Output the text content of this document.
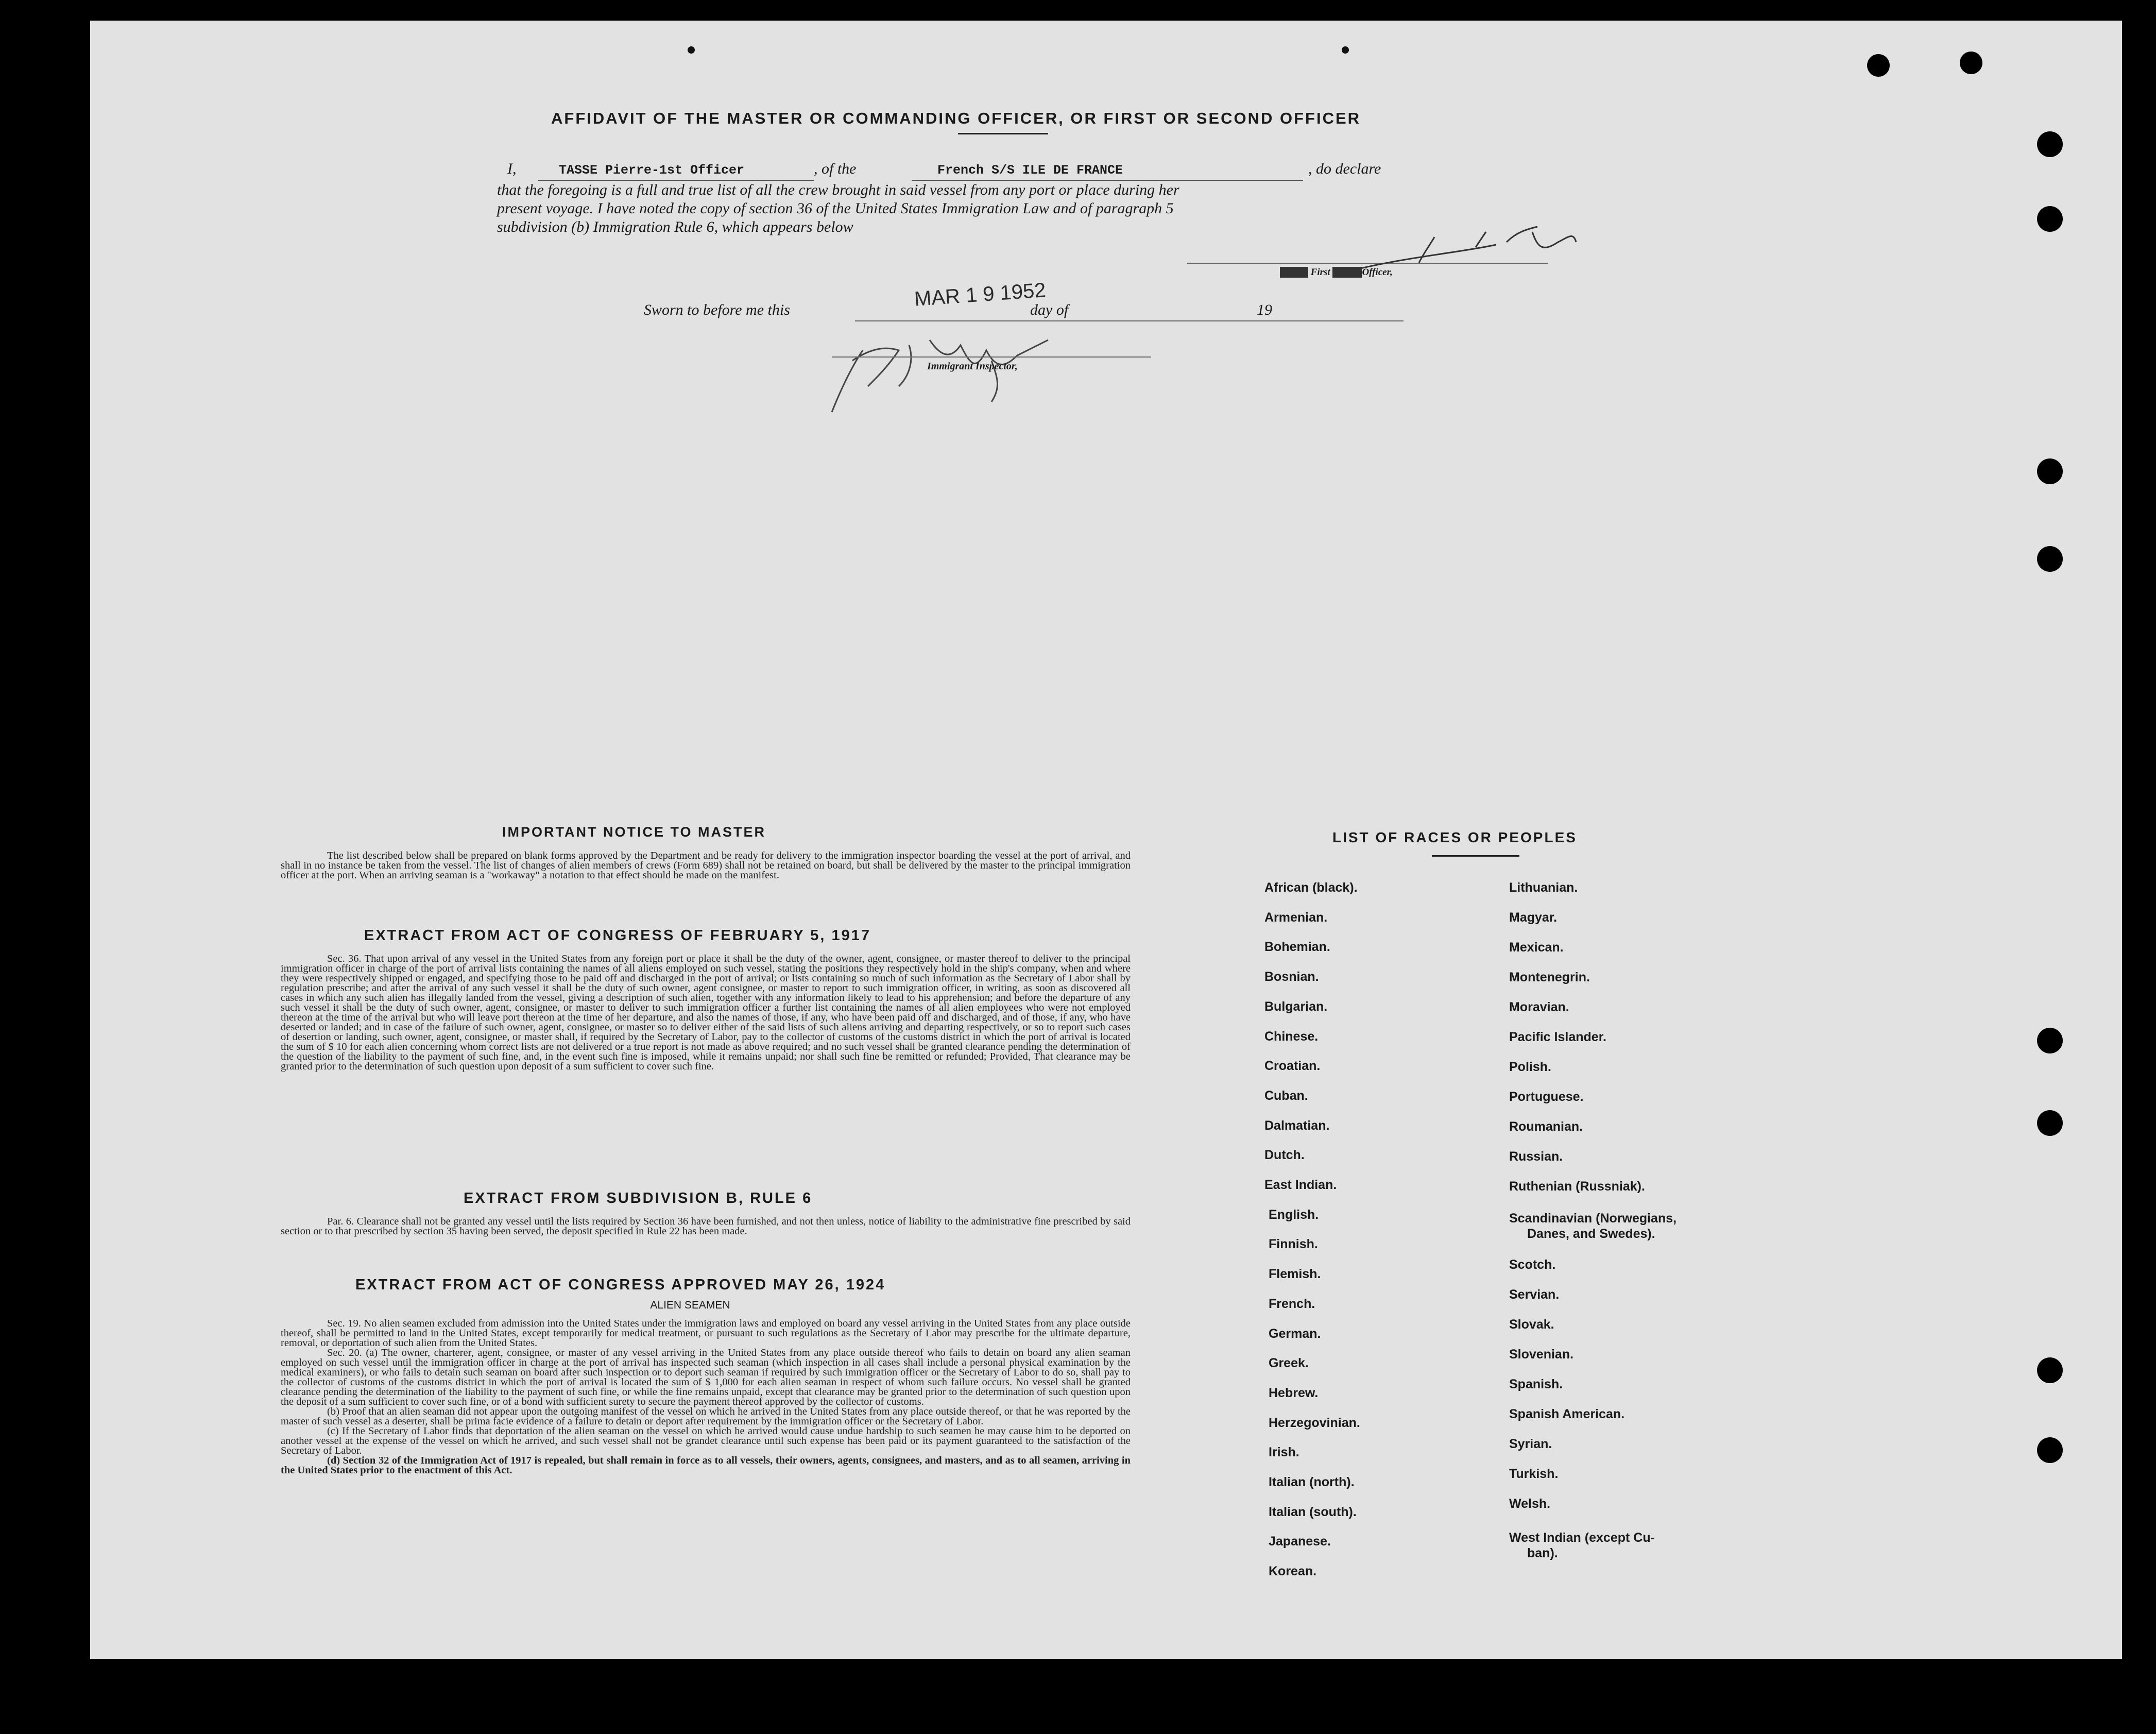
AFFIDAVIT OF THE MASTER OR COMMANDING OFFICER, OR FIRST OR SECOND OFFICER
I,	TASSE Pierre-1st Officer	, of the	French S/S ILE DE FRANCE	, do declare
that the foregoing is a full and true list of all the crew brought in said vessel from any port or place during her
present voyage. I have noted the copy of section 36 of the United States Immigration Law and of paragraph 5
subdivision (b) Immigration Rule 6, which appears below
Master First SecondOfficer,
Sworn to before me this	MAR 1 9 1952
day of	19
Immigrant Inspector,
IMPORTANT NOTICE TO MASTER

The list described below shall be prepared on blank forms approved by the Department and be ready for delivery to the immigration inspector boarding the vessel at the port of arrival, and shall in no instance be taken from the vessel. The list of changes of alien members of crews (Form 689) shall not be retained on board, but shall be delivered by the master to the principal immigration officer at the port. When an arriving seaman is a "workaway" a notation to that effect should be made on the manifest.

EXTRACT FROM ACT OF CONGRESS OF FEBRUARY 5, 1917

Sec. 36. That upon arrival of any vessel in the United States from any foreign port or place it shall be the duty of the owner, agent, consignee, or master thereof to deliver to the principal immigration officer in charge of the port of arrival lists containing the names of all aliens employed on such vessel, stating the positions they respectively hold in the ship's company, when and where they were respectively shipped or engaged, and specifying those to be paid off and discharged in the port of arrival; or lists containing so much of such information as the Secretary of Labor shall by regulation prescribe; and after the arrival of any such vessel it shall be the duty of such owner, agent consignee, or master to report to such immigration officer, in writing, as soon as discovered all cases in which any such alien has illegally landed from the vessel, giving a description of such alien, together with any information likely to lead to his apprehension; and before the departure of any such vessel it shall be the duty of such owner, agent, consignee, or master to deliver to such immigration officer a further list containing the names of all alien employees who were not employed thereon at the time of the arrival but who will leave port thereon at the time of her departure, and also the names of those, if any, who have been paid off and discharged, and of those, if any, who have deserted or landed; and in case of the failure of such owner, agent, consignee, or master so to deliver either of the said lists of such aliens arriving and departing respectively, or so to report such cases of desertion or landing, such owner, agent, consignee, or master shall, if required by the Secretary of Labor, pay to the collector of customs of the customs district in which the port of arrival is located the sum of $ 10 for each alien concerning whom correct lists are not delivered or a true report is not made as above required; and no such vessel shall be granted clearance pending the determination of the question of the liability to the payment of such fine, and, in the event such fine is imposed, while it remains unpaid; nor shall such fine be remitted or refunded; Provided, That clearance may be granted prior to the determination of such question upon deposit of a sum sufficient to cover such fine.

EXTRACT FROM SUBDIVISION B, RULE 6

Par. 6. Clearance shall not be granted any vessel until the lists required by Section 36 have been furnished, and not then unless, notice of liability to the administrative fine prescribed by said section or to that prescribed by section 35 having been served, the deposit specified in Rule 22 has been made.

EXTRACT FROM ACT OF CONGRESS APPROVED MAY 26, 1924
ALIEN SEAMEN

Sec. 19. No alien seamen excluded from admission into the United States under the immigration laws and employed on board any vessel arriving in the United States from any place outside thereof, shall be permitted to land in the United States, except temporarily for medical treatment, or pursuant to such regulations as the Secretary of Labor may prescribe for the ultimate departure, removal, or deportation of such alien from the United States.

Sec. 20. (a) The owner, charterer, agent, consignee, or master of any vessel arriving in the United States from any place outside thereof who fails to detain on board any alien seaman employed on such vessel until the immigration officer in charge at the port of arrival has inspected such seaman (which inspection in all cases shall include a personal physical examination by the medical examiners), or who fails to detain such seaman on board after such inspection or to deport such seaman if required by such immigration officer or the Secretary of Labor to do so, shall pay to the collector of customs of the customs district in which the port of arrival is located the sum of $ 1,000 for each alien seaman in respect of whom such failure occurs. No vessel shall be granted clearance pending the determination of the liability to the payment of such fine, or while the fine remains unpaid, except that clearance may be granted prior to the determination of such question upon the deposit of a sum sufficient to cover such fine, or of a bond with sufficient surety to secure the payment thereof approved by the collector of customs.

(b) Proof that an alien seaman did not appear upon the outgoing manifest of the vessel on which he arrived in the United States from any place outside thereof, or that he was reported by the master of such vessel as a deserter, shall be prima facie evidence of a failure to detain or deport after requirement by the immigration officer or the Secretary of Labor.

(c) If the Secretary of Labor finds that deportation of the alien seaman on the vessel on which he arrived would cause undue hardship to such seamen he may cause him to be deported on another vessel at the expense of the vessel on which he arrived, and such vessel shall not be grandet clearance until such expense has been paid or its payment guaranteed to the satisfaction of the Secretary of Labor.

(d) Section 32 of the Immigration Act of 1917 is repealed, but shall remain in force as to all vessels, their owners, agents, consignees, and masters, and as to all seamen, arriving in the United States prior to the enactment of this Act.

LIST OF RACES OR PEOPLES
African (black).
Armenian.
Bohemian.
Bosnian.
Bulgarian.
Chinese.
Croatian.
Cuban.
Dalmatian.
Dutch.
East Indian.
English.
Finnish.
Flemish.
French.
German.
Greek.
Hebrew.
Herzegovinian.
Irish.
Italian (north).
Italian (south).
Japanese.
Korean.
Lithuanian.
Magyar.
Mexican.
Montenegrin.
Moravian.
Pacific Islander.
Polish.
Portuguese.
Roumanian.
Russian.
Ruthenian (Russniak).
Scandinavian (Norwegians,
Danes, and Swedes).
Scotch.
Servian.
Slovak.
Slovenian.
Spanish.
Spanish American.
Syrian.
Turkish.
Welsh.
West Indian (except Cu-
ban).
